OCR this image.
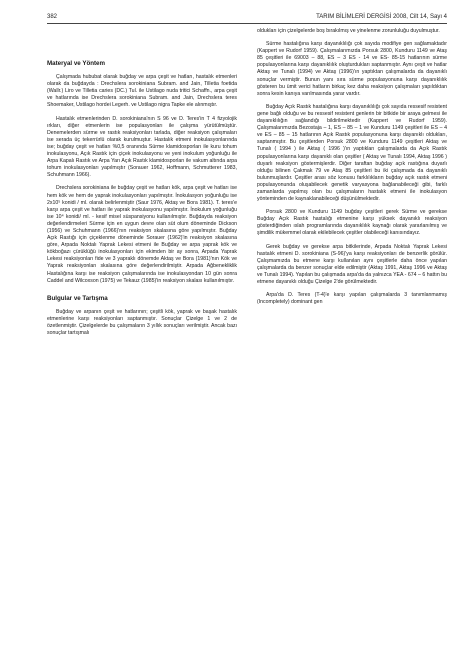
382	TARIM BİLİMLERİ DERGİSİ 2008, Cilt 14, Sayı 4
Materyal ve Yöntem

Çalışmada hububat olarak buğday ve arpa çeşit ve hatları, hastalık etmenleri olarak da buğdayda : Drechslera sorokiniana Subram. and Jain, Tilletia foetida (Wallr.) Liro ve Tilletia caries (DC.) Tul. ile Ustilago nuda tritici Schaffn., arpa çeşit ve hatlarında ise Drechslera sorokiniana Subram. and Jain, Drechslera teres Shoemaker, Ustilago hordei Legerh. ve Ustilago nigra Tapke ele alınmıştır.

Hastalık etmenlerinden D. sorokiniana'nın S 96 ve D. Teres'in T 4 fizyolojik ırkları, diğer etmenlerin ise populasyonları ile çalışma yürütülmüştür. Denemelerden sürme ve rastık reaksiyonları tarlada, diğer reaksiyon çalışmaları ise serada üç tekerrürlü olarak kurulmuştur. Hastalık etmeni inokulasyonlarında ise; buğday çeşit ve hatları %0,5 oranında Sürme klamidosporları ile kuru tohum inokulasyonu, Açık Rastık için çiçek inokulasyonu ve yeni inokulum yoğunluğu ile Arpa Kapalı Rastık ve Arpa Yarı Açık Rastık klamidosporları ile vakum altında arpa tohum inokulasyonları yapılmıştır (Sorauer 1962, Hoffmann, Schmutterer 1983, Schuhmann 1966).

Drechslera sorokiniana ile buğday çeşit ve hatları kök, arpa çeşit ve hatları ise hem kök ve hem de yaprak inokulasyonları yapılmıştır. İnokulasyon yoğunluğu ise 2x10⁵ konidi / ml. olarak belirlenmiştir (Saur 1976, Aktaş ve Bora 1981). T. teres'e karşı arpa çeşit ve hatları ile yaprak inokulasyonu yapılmıştır. İnokulum yoğunluğu ise 10⁴ konidi/ ml. - kesif misel süspansiyonu kullanılmıştır. Buğdayda reaksiyon değerlendirmeleri Sürme için en uygun devre olan süt olum döneminde Dickson (1956) ve Schuhmann (1966)'nın reaksiyon skalasına göre yapılmıştır. Buğday Açık Rastığı için çiçeklenme döneminde Sorauer (1962)'in reaksiyon skalasına göre, Arpada Noktalı Yaprak Lekesi etmeni ile Buğday ve arpa yaprak kök ve kökboğazı çürüklüğü inokulasyonları için ekimden bir ay sonra, Arpada Yaprak Lekesi reaksiyonları fide ve 3 yapraklı dönemde Aktaş ve Bora (1981)'nın Kök ve Yaprak reaksiyonları skalasına göre değerlendirilmiştir. Arpada Ağbenekliklik Hastalığına karşı ise reaksiyon çalışmalarında ise inokulasyondan 10 gün sonra Caddel and Wilcoxson (1975) ve Tekauz (1985)'in reaksiyon skalası kullanılmıştır.

Bulgular ve Tartışma

Buğday ve arpanın çeşit ve hatlarının; çeşitli kök, yaprak ve başak hastalık etmenlerine karşı reaksiyonları saptanmıştır. Sonuçlar Çizelge 1 ve 2 de özetlenmiştir. Çizelgelerde bu çalışmaların 3 yıllık sonuçları verilmiştir. Ancak bazı sonuçlar tartışmalı

oldukları için çizelgelerde boş bırakılmış ve yinelenme zorunluluğu duyulmuştur.

Sürme hastalığına karşı dayanıklılığı çok sayıda modifiye gen sağlamaktadır (Kappert ve Rudorf 1959). Çalışmalarımızda Porsuk 2800, Kunduru 1149 ve Ataş 85 çeşitleri ile 69003 – 88, ES – 3 ES - 14 ve ES- 85-15 hatlarının sürme populasyonlarına karşı dayanıklılık oluşturdukları saptanmıştır. Aynı çeşit ve hatlar Aktaş ve Tunalı (1994) ve Aktaş (1996)'ın yaptıktan çalışmalarda da dayanıklı sonuçlar vermiştir. Bunun yanı sıra sürme populasyonuna karşı dayanıklılık gösteren bu ümit verici hatların birkaç kez daha reaksiyon çalışmaları yapıldıktan sonra kesin kanıya varılmasında yarar vardır.

Buğday Açık Rastık hastalığına karşı dayanıklılığı çok sayıda ressesif resistent gene bağlı olduğu ve bu ressesif resistent genlerin bir bitkide bir araya gelmesi ile dayanıklılığın sağlandığı bildirilmektedir (Kappert ve Rudorf 1959). Çalışmalarımızda Bezostaja – 1, ES – 85 – 1 ve Kunduru 1149 çeşitleri ile ES – 4 ve ES – 85 – 15 hatlarının Açık Rastık populasyonuna karşı dayanıklı oldukları, saptanmıştır. Bu çeşitlerden Porsuk 2800 ve Kunduru 1149 çeşitleri Aktaş ve Tunalı ( 1994 ) ile Aktaş ( 1996 )'ın yaptıkları çalışmalarda da Açık Rastık populasyonlarına karşı dayanıklı olan çeşitler ( Aktaş ve Tunalı 1994, Aktaş 1996 ) duyarlı reaksiyon göstermişlerdir. Diğer taraftan buğday açık rastığına duyarlı olduğu bilinen Çakmak 79 ve Ataş 85 çeşitleri bu iki çalışmada da dayanıklı bulunmuşlardır. Çeşitler arası söz konusu farklılıkların buğday açık rastık etmeni populasyonunda oluşabilecek genetik varyasyona bağlanabileceği gibi, farklı zamanlarda yapılmış olan bu çalışmaların hastalık etmeni ile inokulasyon yönteminden de kaynaklanabileceği düşünülmektedir.

Porsuk 2800 ve Kunduru 1149 buğday çeşitleri gerek Sürme ve gerekse Buğday Açık Rastık hastalığı etmenine karşı yüksek dayanıklı reaksiyon gösterdiğinden ıslah programlarında dayanıklılık kaynağı olarak yararlanılmış ve şimdilik mükemmel olarak ekilebilecek çeşitler olabileceği kanısındayız.

Gerek buğday ve gerekse arpa bitkilerinde, Arpada Noktalı Yaprak Lekesi hastalık etmeni D. sorokiniana (S-96)'ya karşı reaksiyonları de benzerlik görülür. Çalışmamızda bu etmene karşı kullanılan aynı çeşitlerle daha önce yapılan çalışmalarda da benzer sonuçlar elde edilmiştir (Aktaş 1991, Aktaş 1996 ve Aktaş ve Tunalı 1994). Yapılan bu çalışmada arpa'da da yalnızca YEA - 674 – 6 hattın bu etmene dayanıklı olduğu Çizelge 2'de görülmektedir.

Arpa'da D. Teres (T-4)'e karşı yapılan çalışmalarda 3 tanımlanmamış (Incompletely) dominant gen
